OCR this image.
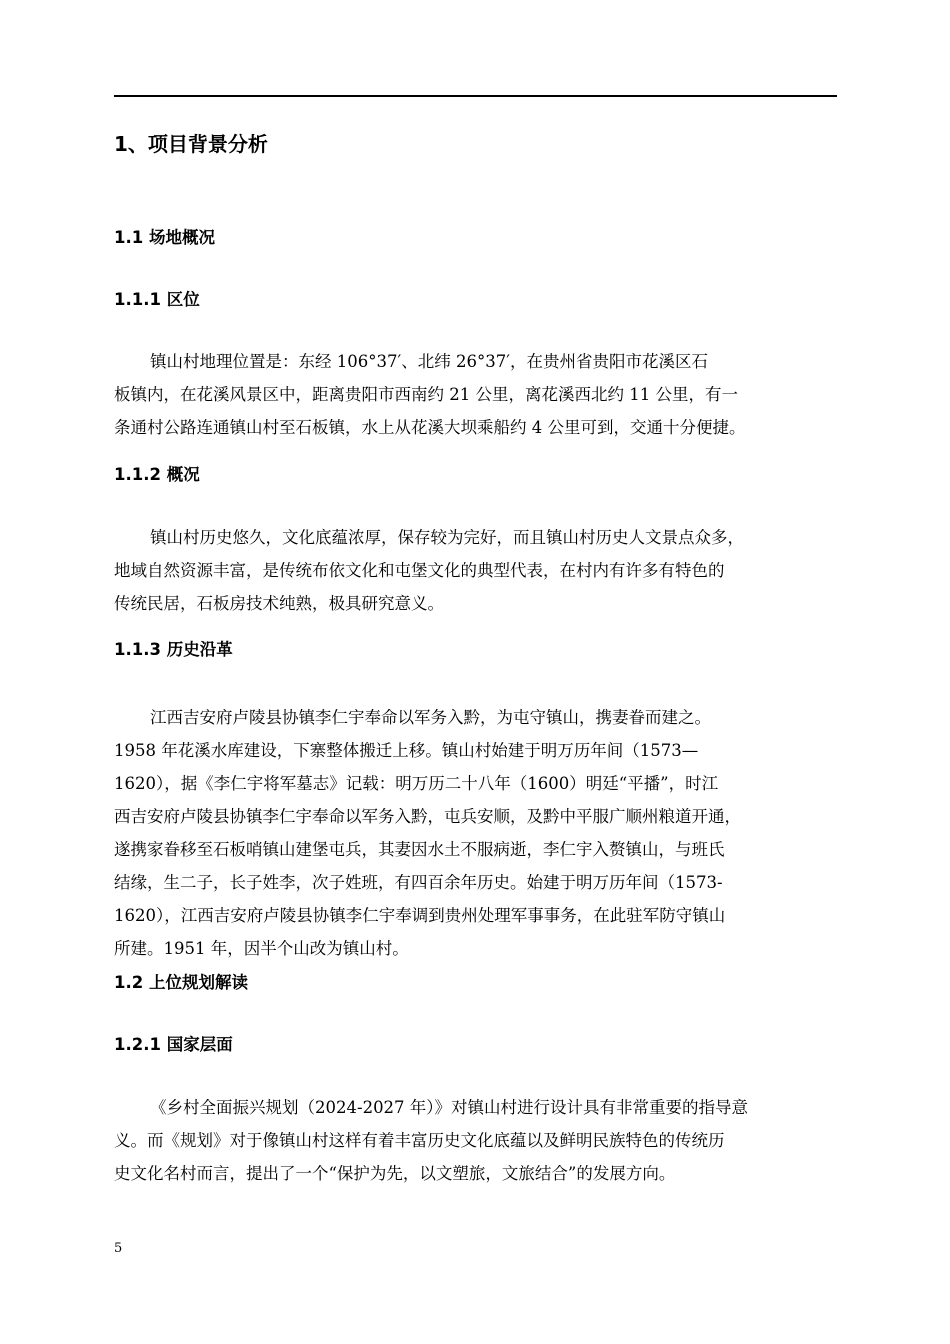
1、项目背景分析
1.1 场地概况
1.1.1 区位
镇山村地理位置是：东经 106°37′、北纬 26°37′，在贵州省贵阳市花溪区石
板镇内，在花溪风景区中，距离贵阳市西南约 21 公里，离花溪西北约 11 公里，有一
条通村公路连通镇山村至石板镇，水上从花溪大坝乘船约 4 公里可到，交通十分便捷。
1.1.2 概况
镇山村历史悠久，文化底蕴浓厚，保存较为完好，而且镇山村历史人文景点众多，
地域自然资源丰富，是传统布依文化和屯堡文化的典型代表，在村内有许多有特色的
传统民居，石板房技术纯熟，极具研究意义。
1.1.3 历史沿革
江西吉安府卢陵县协镇李仁宇奉命以军务入黔，为屯守镇山，携妻眷而建之。
1958 年花溪水库建设，下寨整体搬迁上移。镇山村始建于明万历年间（1573—
1620），据《李仁宇将军墓志》记载：明万历二十八年（1600）明廷“平播”，时江
西吉安府卢陵县协镇李仁宇奉命以军务入黔，屯兵安顺，及黔中平服广顺州粮道开通，
遂携家眷移至石板哨镇山建堡屯兵，其妻因水土不服病逝，李仁宇入赘镇山，与班氏
结缘，生二子，长子姓李，次子姓班，有四百余年历史。始建于明万历年间（1573-
1620），江西吉安府卢陵县协镇李仁宇奉调到贵州处理军事事务，在此驻军防守镇山
所建。1951 年，因半个山改为镇山村。
1.2 上位规划解读
1.2.1 国家层面
《乡村全面振兴规划（2024-2027 年）》对镇山村进行设计具有非常重要的指导意
义。而《规划》对于像镇山村这样有着丰富历史文化底蕴以及鲜明民族特色的传统历
史文化名村而言，提出了一个“保护为先，以文塑旅，文旅结合”的发展方向。
5
